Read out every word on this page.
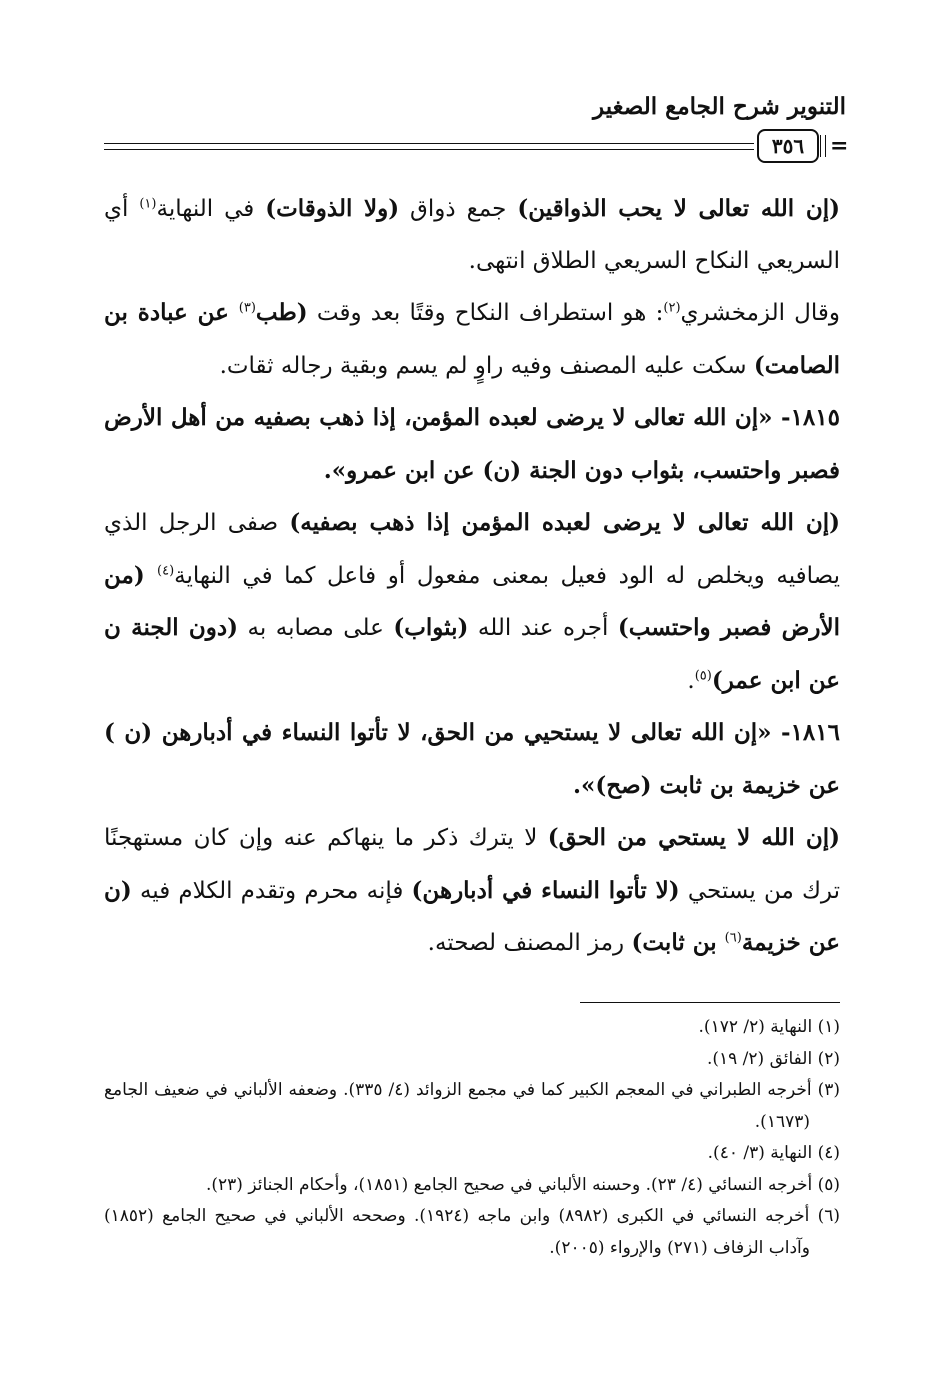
التنوير شرح الجامع الصغير
٣٥٦	=

(إن الله تعالى لا يحب الذواقين) جمع ذواق (ولا الذوقات) في النهاية$^{(١)}$ أي السريعي النكاح السريعي الطلاق انتهى.

وقال الزمخشري$^{(٢)}$: هو استطراف النكاح وقتًا بعد وقت (طب$^{(٣)}$ عن عبادة بن الصامت) سكت عليه المصنف وفيه راوٍ لم يسم وبقية رجاله ثقات.

١٨١٥- «إن الله تعالى لا يرضى لعبده المؤمن، إذا ذهب بصفيه من أهل الأرض فصبر واحتسب، بثواب دون الجنة (ن) عن ابن عمرو».

(إن الله تعالى لا يرضى لعبده المؤمن إذا ذهب بصفيه) صفى الرجل الذي يصافيه ويخلص له الود فعيل بمعنى مفعول أو فاعل كما في النهاية$^{(٤)}$ (من الأرض فصبر واحتسب) أجره عند الله (بثواب) على مصابه به (دون الجنة ن عن ابن عمر)$^{(٥)}$.

١٨١٦- «إن الله تعالى لا يستحيي من الحق، لا تأتوا النساء في أدبارهن (ن ) عن خزيمة بن ثابت (صح)».

(إن الله لا يستحي من الحق) لا يترك ذكر ما ينهاكم عنه وإن كان مستهجنًا ترك من يستحي (لا تأتوا النساء في أدبارهن) فإنه محرم وتقدم الكلام فيه (ن عن خزيمة$^{(٦)}$ بن ثابت) رمز المصنف لصحته.

(١) النهاية (٢/ ١٧٢).

(٢) الفائق (٢/ ١٩).

(٣) أخرجه الطبراني في المعجم الكبير كما في مجمع الزوائد (٤/ ٣٣٥). وضعفه الألباني في ضعيف الجامع (١٦٧٣).

(٤) النهاية (٣/ ٤٠).

(٥) أخرجه النسائي (٤/ ٢٣). وحسنه الألباني في صحيح الجامع (١٨٥١)، وأحكام الجنائز (٢٣).

(٦) أخرجه النسائي في الكبرى (٨٩٨٢) وابن ماجه (١٩٢٤). وصححه الألباني في صحيح الجامع (١٨٥٢) وآداب الزفاف (٢٧١) والإرواء (٢٠٠٥).
